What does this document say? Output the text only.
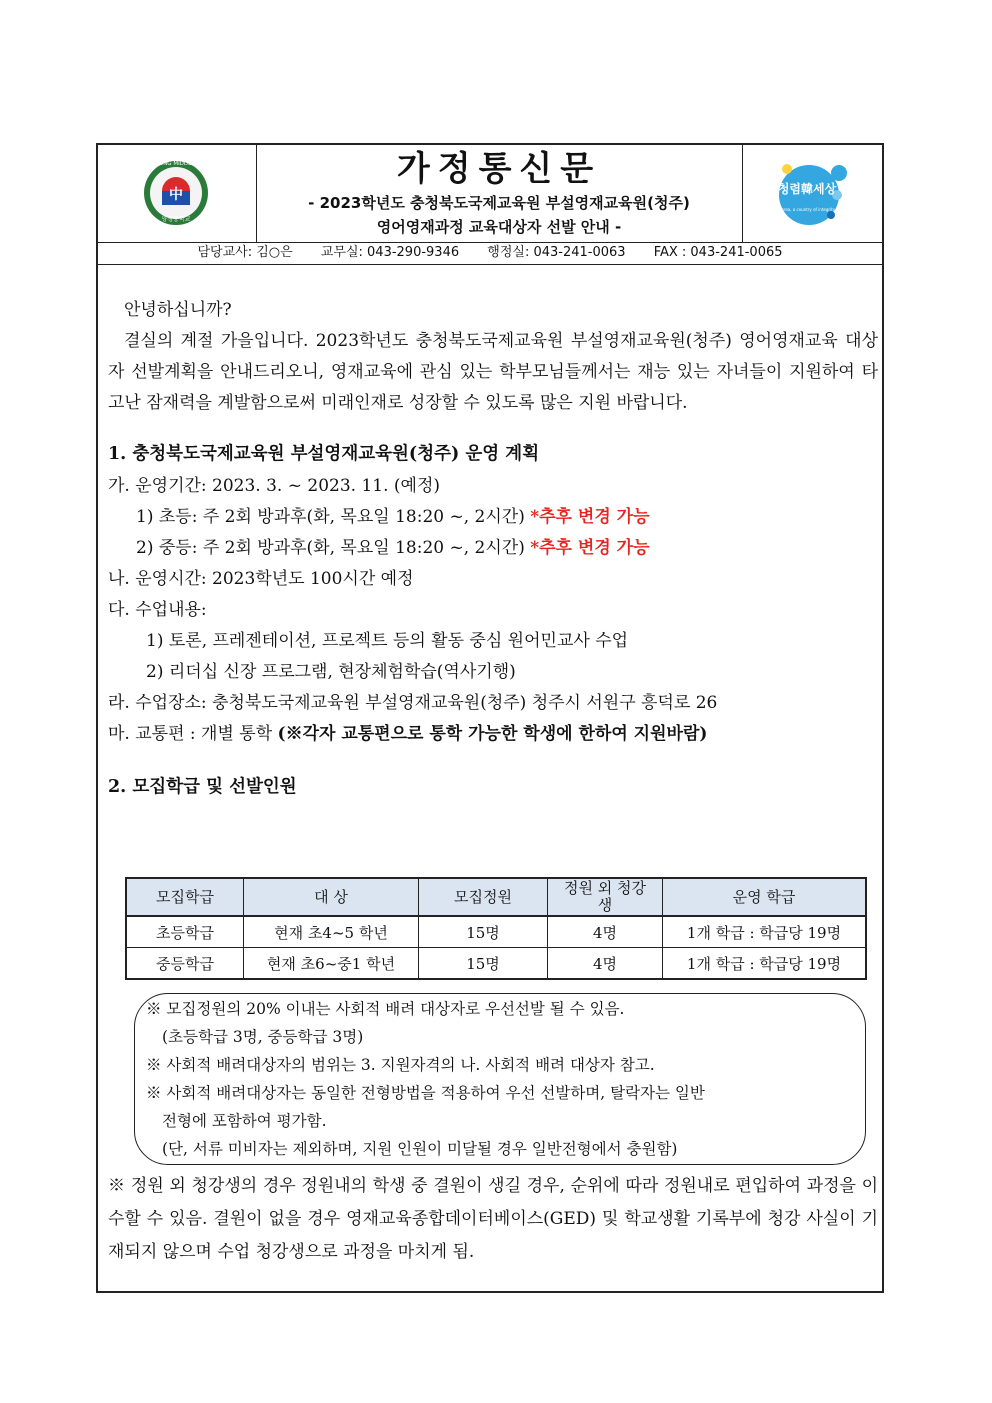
中
양청중학교
YANGCHEONG MIDDLE SCHOOL	가정통신문
- 2023학년도 충청북도국제교육원 부설영재교육원(청주)
영어영재과정 교육대상자 선발 안내 -
청렴韓세상
Korea, a country of integrity
담당교사: 김○은 교무실: 043-290-9346 행정실: 043-241-0063 FAX : 043-241-0065

안녕하십니까?

결실의 계절 가을입니다. 2023학년도 충청북도국제교육원 부설영재교육원(청주) 영어영재교육 대상자 선발계획을 안내드리오니, 영재교육에 관심 있는 학부모님들께서는 재능 있는 자녀들이 지원하여 타고난 잠재력을 계발함으로써 미래인재로 성장할 수 있도록 많은 지원 바랍니다.

1. 충청북도국제교육원 부설영재교육원(청주) 운영 계획

가. 운영기간: 2023. 3. ~ 2023. 11. (예정)

1) 초등: 주 2회 방과후(화, 목요일 18:20 ~, 2시간) *추후 변경 가능

2) 중등: 주 2회 방과후(화, 목요일 18:20 ~, 2시간) *추후 변경 가능

나. 운영시간: 2023학년도 100시간 예정

다. 수업내용:

1) 토론, 프레젠테이션, 프로젝트 등의 활동 중심 원어민교사 수업

2) 리더십 신장 프로그램, 현장체험학습(역사기행)

라. 수업장소: 충청북도국제교육원 부설영재교육원(청주) 청주시 서원구 흥덕로 26

마. 교통편 : 개별 통학 (※각자 교통편으로 통학 가능한 학생에 한하여 지원바람)

2. 모집학급 및 선발인원

모집학급	대 상	모집정원	정원 외 청강생	운영 학급
초등학급	현재 초4~5 학년	15명	4명	1개 학급 : 학급당 19명
중등학급	현재 초6~중1 학년	15명	4명	1개 학급 : 학급당 19명

※ 모집정원의 20% 이내는 사회적 배려 대상자로 우선선발 될 수 있음.

(초등학급 3명, 중등학급 3명)

※ 사회적 배려대상자의 범위는 3. 지원자격의 나. 사회적 배려 대상자 참고.

※ 사회적 배려대상자는 동일한 전형방법을 적용하여 우선 선발하며, 탈락자는 일반

전형에 포함하여 평가함.

(단, 서류 미비자는 제외하며, 지원 인원이 미달될 경우 일반전형에서 충원함)

※ 정원 외 청강생의 경우 정원내의 학생 중 결원이 생길 경우, 순위에 따라 정원내로 편입하여 과정을 이수할 수 있음. 결원이 없을 경우 영재교육종합데이터베이스(GED) 및 학교생활 기록부에 청강 사실이 기재되지 않으며 수업 청강생으로 과정을 마치게 됨.
